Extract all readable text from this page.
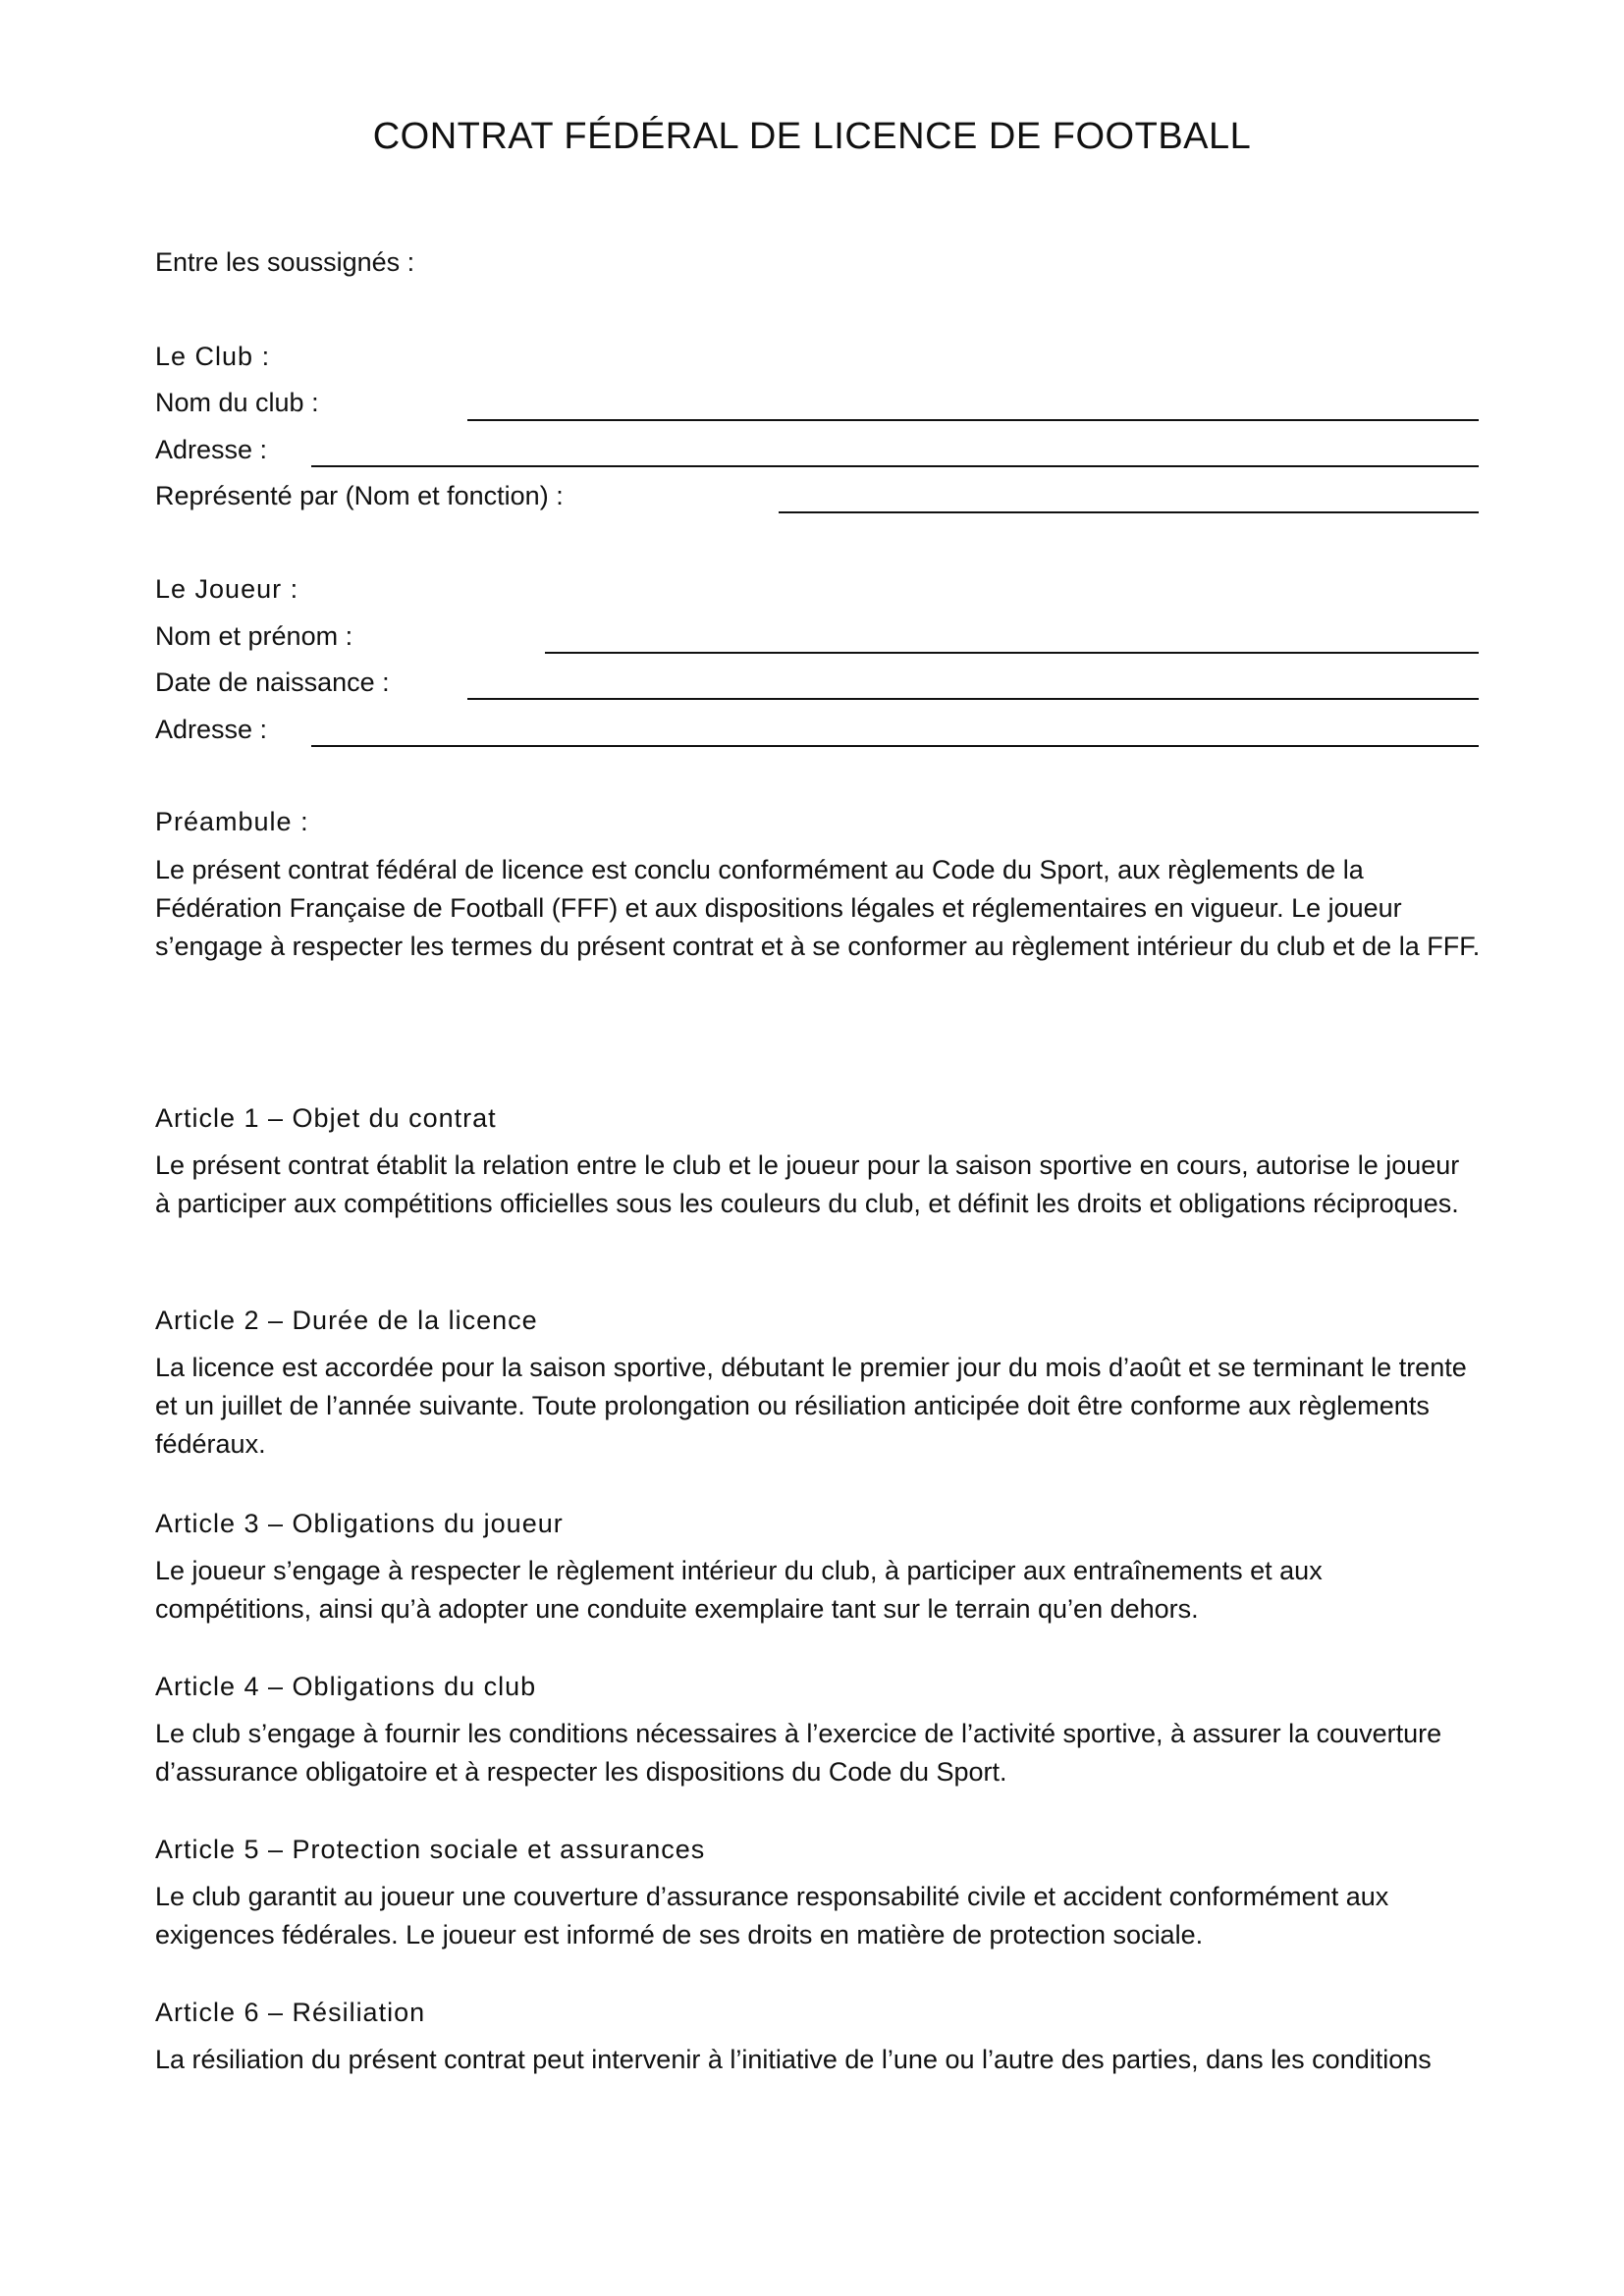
CONTRAT FÉDÉRAL DE LICENCE DE FOOTBALL
Entre les soussignés :
Le Club :
Nom du club :
Adresse :
Représenté par (Nom et fonction) :
Le Joueur :
Nom et prénom :
Date de naissance :
Adresse :
Préambule :
Le présent contrat fédéral de licence est conclu conformément au Code du Sport, aux règlements de la Fédération Française de Football (FFF) et aux dispositions légales et réglementaires en vigueur. Le joueur s’engage à respecter les termes du présent contrat et à se conformer au règlement intérieur du club et de la FFF.
Article 1 – Objet du contrat
Le présent contrat établit la relation entre le club et le joueur pour la saison sportive en cours, autorise le joueur à participer aux compétitions officielles sous les couleurs du club, et définit les droits et obligations réciproques.
Article 2 – Durée de la licence
La licence est accordée pour la saison sportive, débutant le premier jour du mois d’août et se terminant le trente et un juillet de l’année suivante. Toute prolongation ou résiliation anticipée doit être conforme aux règlements fédéraux.
Article 3 – Obligations du joueur
Le joueur s’engage à respecter le règlement intérieur du club, à participer aux entraînements et aux compétitions, ainsi qu’à adopter une conduite exemplaire tant sur le terrain qu’en dehors.
Article 4 – Obligations du club
Le club s’engage à fournir les conditions nécessaires à l’exercice de l’activité sportive, à assurer la couverture d’assurance obligatoire et à respecter les dispositions du Code du Sport.
Article 5 – Protection sociale et assurances
Le club garantit au joueur une couverture d’assurance responsabilité civile et accident conformément aux exigences fédérales. Le joueur est informé de ses droits en matière de protection sociale.
Article 6 – Résiliation
La résiliation du présent contrat peut intervenir à l’initiative de l’une ou l’autre des parties, dans les conditions
